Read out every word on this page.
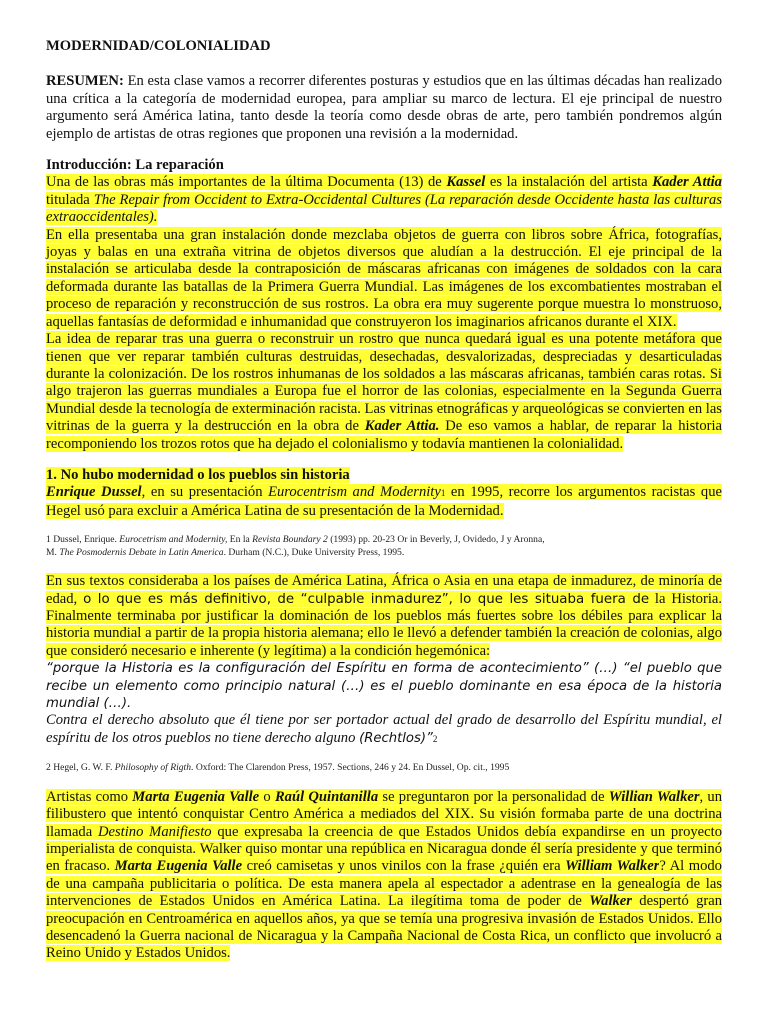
MODERNIDAD/COLONIALIDAD

RESUMEN: En esta clase vamos a recorrer diferentes posturas y estudios que en las últimas décadas han realizado una crítica a la categoría de modernidad europea, para ampliar su marco de lectura. El eje principal de nuestro argumento será América latina, tanto desde la teoría como desde obras de arte, pero también pondremos algún ejemplo de artistas de otras regiones que proponen una revisión a la modernidad.

Introducción: La reparación

Una de las obras más importantes de la última Documenta (13) de Kassel es la instalación del artista Kader Attia titulada The Repair from Occident to Extra-Occidental Cultures (La reparación desde Occidente hasta las culturas extraoccidentales).

En ella presentaba una gran instalación donde mezclaba objetos de guerra con libros sobre África, fotografías, joyas y balas en una extraña vitrina de objetos diversos que aludían a la destrucción. El eje principal de la instalación se articulaba desde la contraposición de máscaras africanas con imágenes de soldados con la cara deformada durante las batallas de la Primera Guerra Mundial. Las imágenes de los excombatientes mostraban el proceso de reparación y reconstrucción de sus rostros. La obra era muy sugerente porque muestra lo monstruoso, aquellas fantasías de deformidad e inhumanidad que construyeron los imaginarios africanos durante el XIX.

La idea de reparar tras una guerra o reconstruir un rostro que nunca quedará igual es una potente metáfora que tienen que ver reparar también culturas destruidas, desechadas, desvalorizadas, despreciadas y desarticuladas durante la colonización. De los rostros inhumanas de los soldados a las máscaras africanas, también caras rotas. Si algo trajeron las guerras mundiales a Europa fue el horror de las colonias, especialmente en la Segunda Guerra Mundial desde la tecnología de exterminación racista. Las vitrinas etnográficas y arqueológicas se convierten en las vitrinas de la guerra y la destrucción en la obra de Kader Attia. De eso vamos a hablar, de reparar la historia recomponiendo los trozos rotos que ha dejado el colonialismo y todavía mantienen la colonialidad.

1. No hubo modernidad o los pueblos sin historia

Enrique Dussel, en su presentación Eurocentrism and Modernity1 en 1995, recorre los argumentos racistas que Hegel usó para excluir a América Latina de su presentación de la Modernidad.

1 Dussel, Enrique. Eurocetrism and Modernity, En la Revista Boundary 2 (1993) pp. 20-23 Or in Beverly, J, Ovidedo, J y Aronna,
M. The Posmodernis Debate in Latin America. Durham (N.C.), Duke University Press, 1995.

En sus textos consideraba a los países de América Latina, África o Asia en una etapa de inmadurez, de minoría de edad, o lo que es más definitivo, de “culpable inmadurez”, lo que les situaba fuera de la Historia. Finalmente terminaba por justificar la dominación de los pueblos más fuertes sobre los débiles para explicar la historia mundial a partir de la propia historia alemana; ello le llevó a defender también la creación de colonias, algo que consideró necesario e inherente (y legítima) a la condición hegemónica:

“porque la Historia es la configuración del Espíritu en forma de acontecimiento” (…) “el pueblo que recibe un elemento como principio natural (…) es el pueblo dominante en esa época de la historia mundial (…).
Contra el derecho absoluto que él tiene por ser portador actual del grado de desarrollo del Espíritu mundial, el espíritu de los otros pueblos no tiene derecho alguno (Rechtlos)”2

2 Hegel, G. W. F. Philosophy of Rigth. Oxford: The Clarendon Press, 1957. Sections, 246 y 24. En Dussel, Op. cit., 1995

Artistas como Marta Eugenia Valle o Raúl Quintanilla se preguntaron por la personalidad de Willian Walker, un filibustero que intentó conquistar Centro América a mediados del XIX. Su visión formaba parte de una doctrina llamada Destino Manifiesto que expresaba la creencia de que Estados Unidos debía expandirse en un proyecto imperialista de conquista. Walker quiso montar una república en Nicaragua donde él sería presidente y que terminó en fracaso. Marta Eugenia Valle creó camisetas y unos vinilos con la frase ¿quién era William Walker? Al modo de una campaña publicitaria o política. De esta manera apela al espectador a adentrase en la genealogía de las intervenciones de Estados Unidos en América Latina. La ilegítima toma de poder de Walker despertó gran preocupación en Centroamérica en aquellos años, ya que se temía una progresiva invasión de Estados Unidos. Ello desencadenó la Guerra nacional de Nicaragua y la Campaña Nacional de Costa Rica, un conflicto que involucró a Reino Unido y Estados Unidos.
